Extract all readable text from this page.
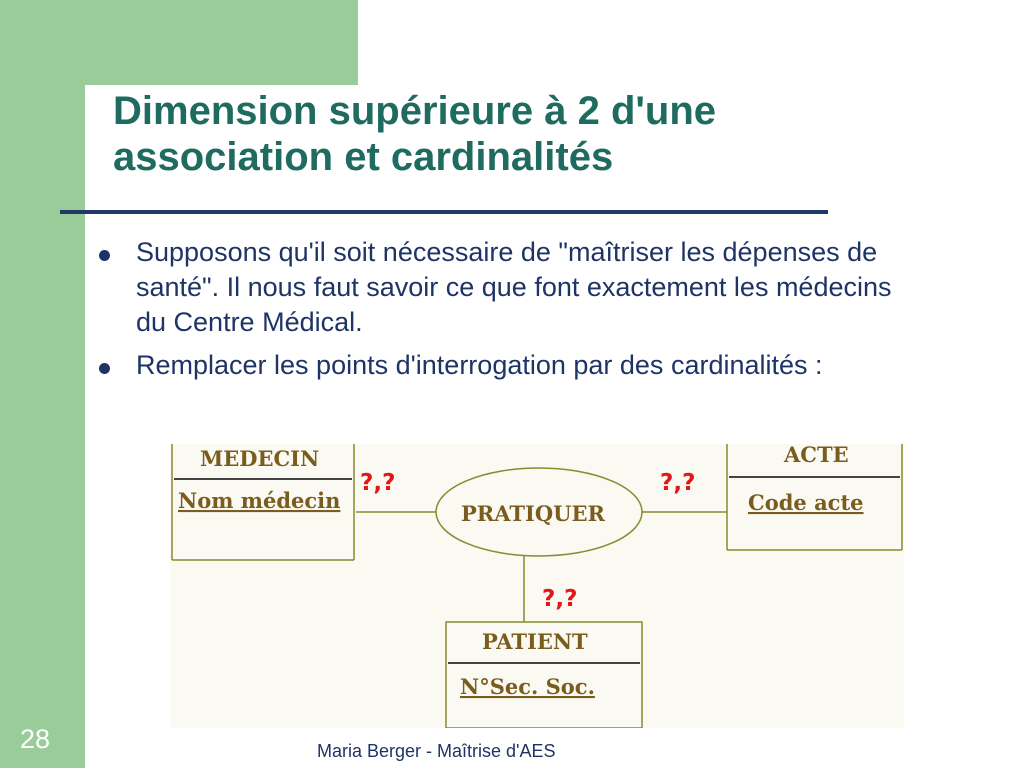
Dimension supérieure à 2 d'une association et cardinalités
Supposons qu'il soit nécessaire de "maîtriser les dépenses de santé". Il nous faut savoir ce que font exactement les médecins du Centre Médical.
Remplacer les points d'interrogation par des cardinalités :
MEDECIN
Nom médecin
ACTE
Code acte
PRATIQUER
PATIENT
N°Sec. Soc.
?,?	?,?
?,?
28	Maria Berger - Maîtrise d'AES
